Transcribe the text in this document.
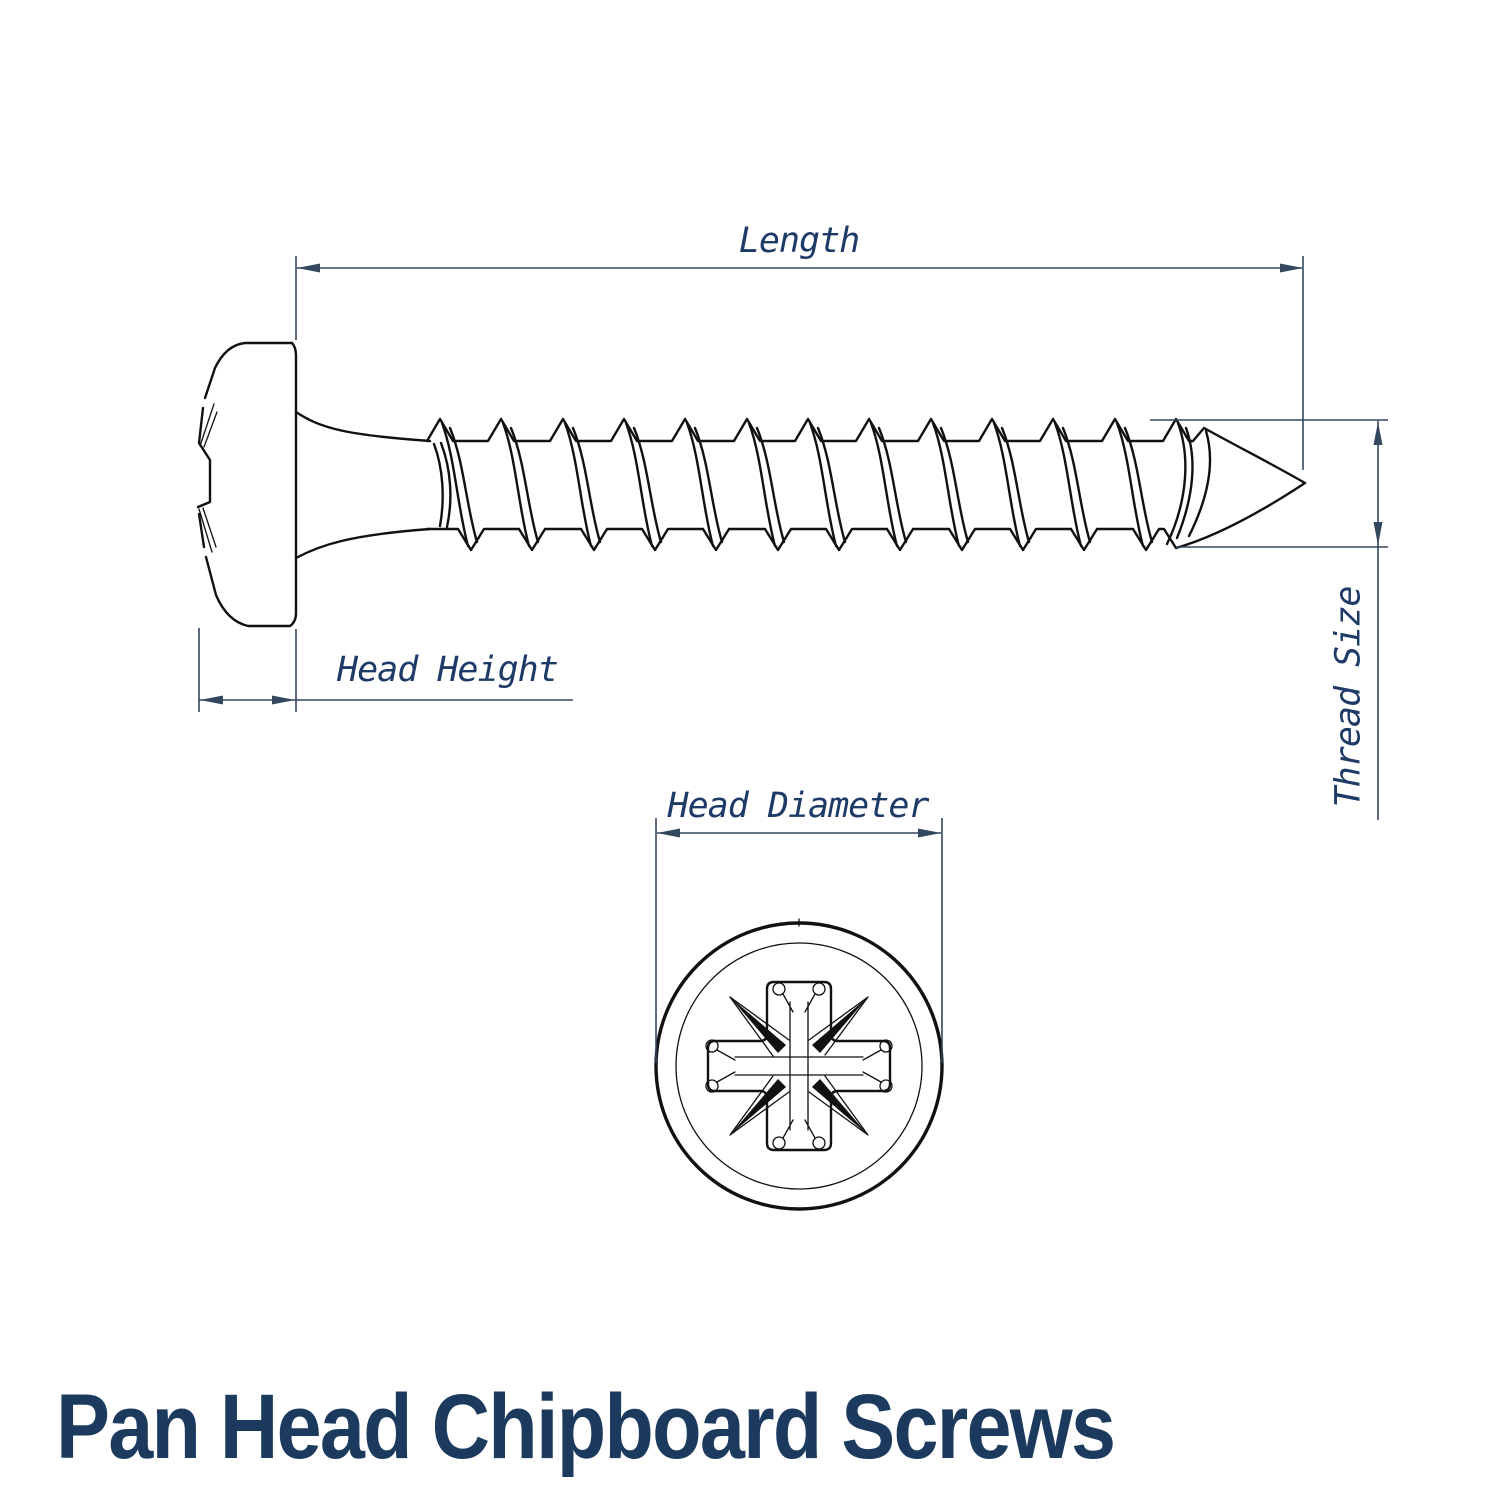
Length
Head Height	Thread Size
Head Diameter
Pan Head Chipboard Screws
